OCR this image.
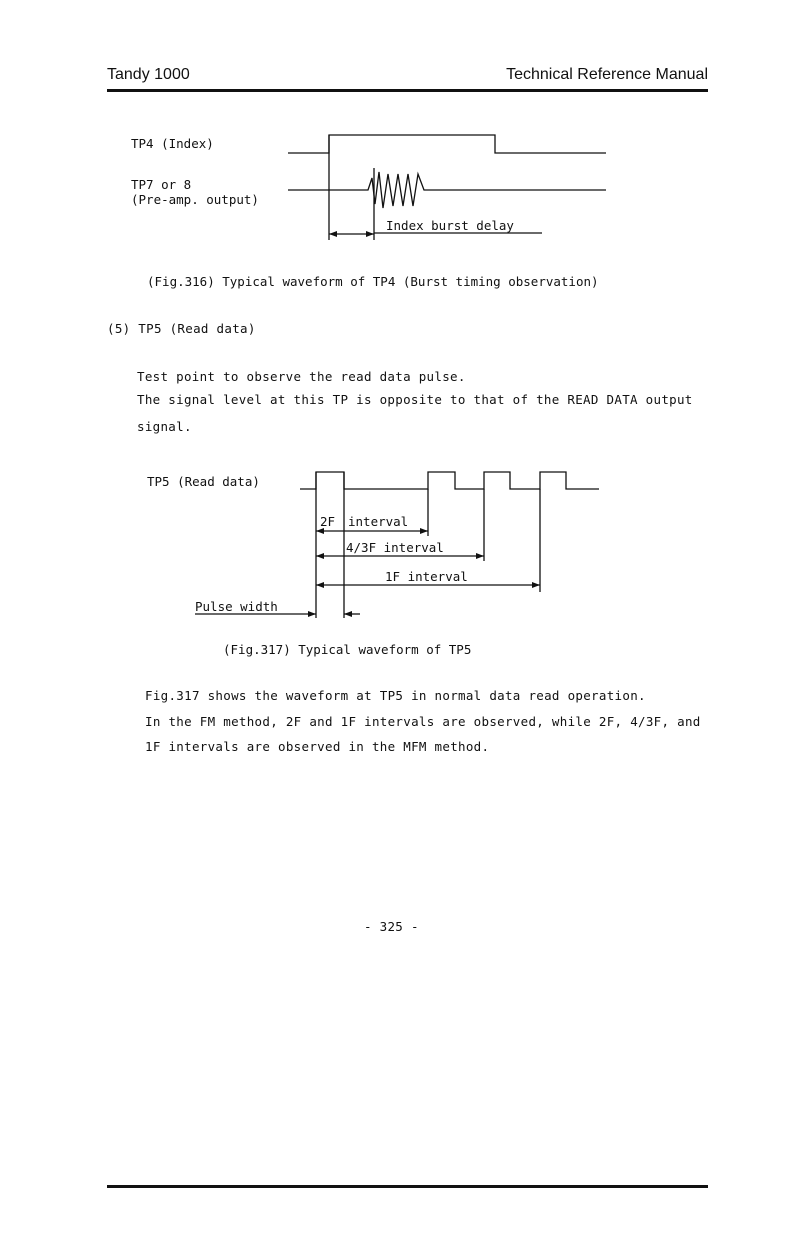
Tandy 1000	Technical Reference Manual
TP4 (Index)
TP7 or 8
(Pre-amp. output)
Index burst delay
(Fig.316) Typical waveform of TP4 (Burst timing observation)
(5) TP5 (Read data)
Test point to observe the read data pulse.
The signal level at this TP is opposite to that of the READ DATA output
signal.
TP5 (Read data)
2F interval
4/3F interval
1F interval
Pulse width
(Fig.317) Typical waveform of TP5
Fig.317 shows the waveform at TP5 in normal data read operation.
In the FM method, 2F and 1F intervals are observed, while 2F, 4/3F, and
1F intervals are observed in the MFM method.
- 325 -
